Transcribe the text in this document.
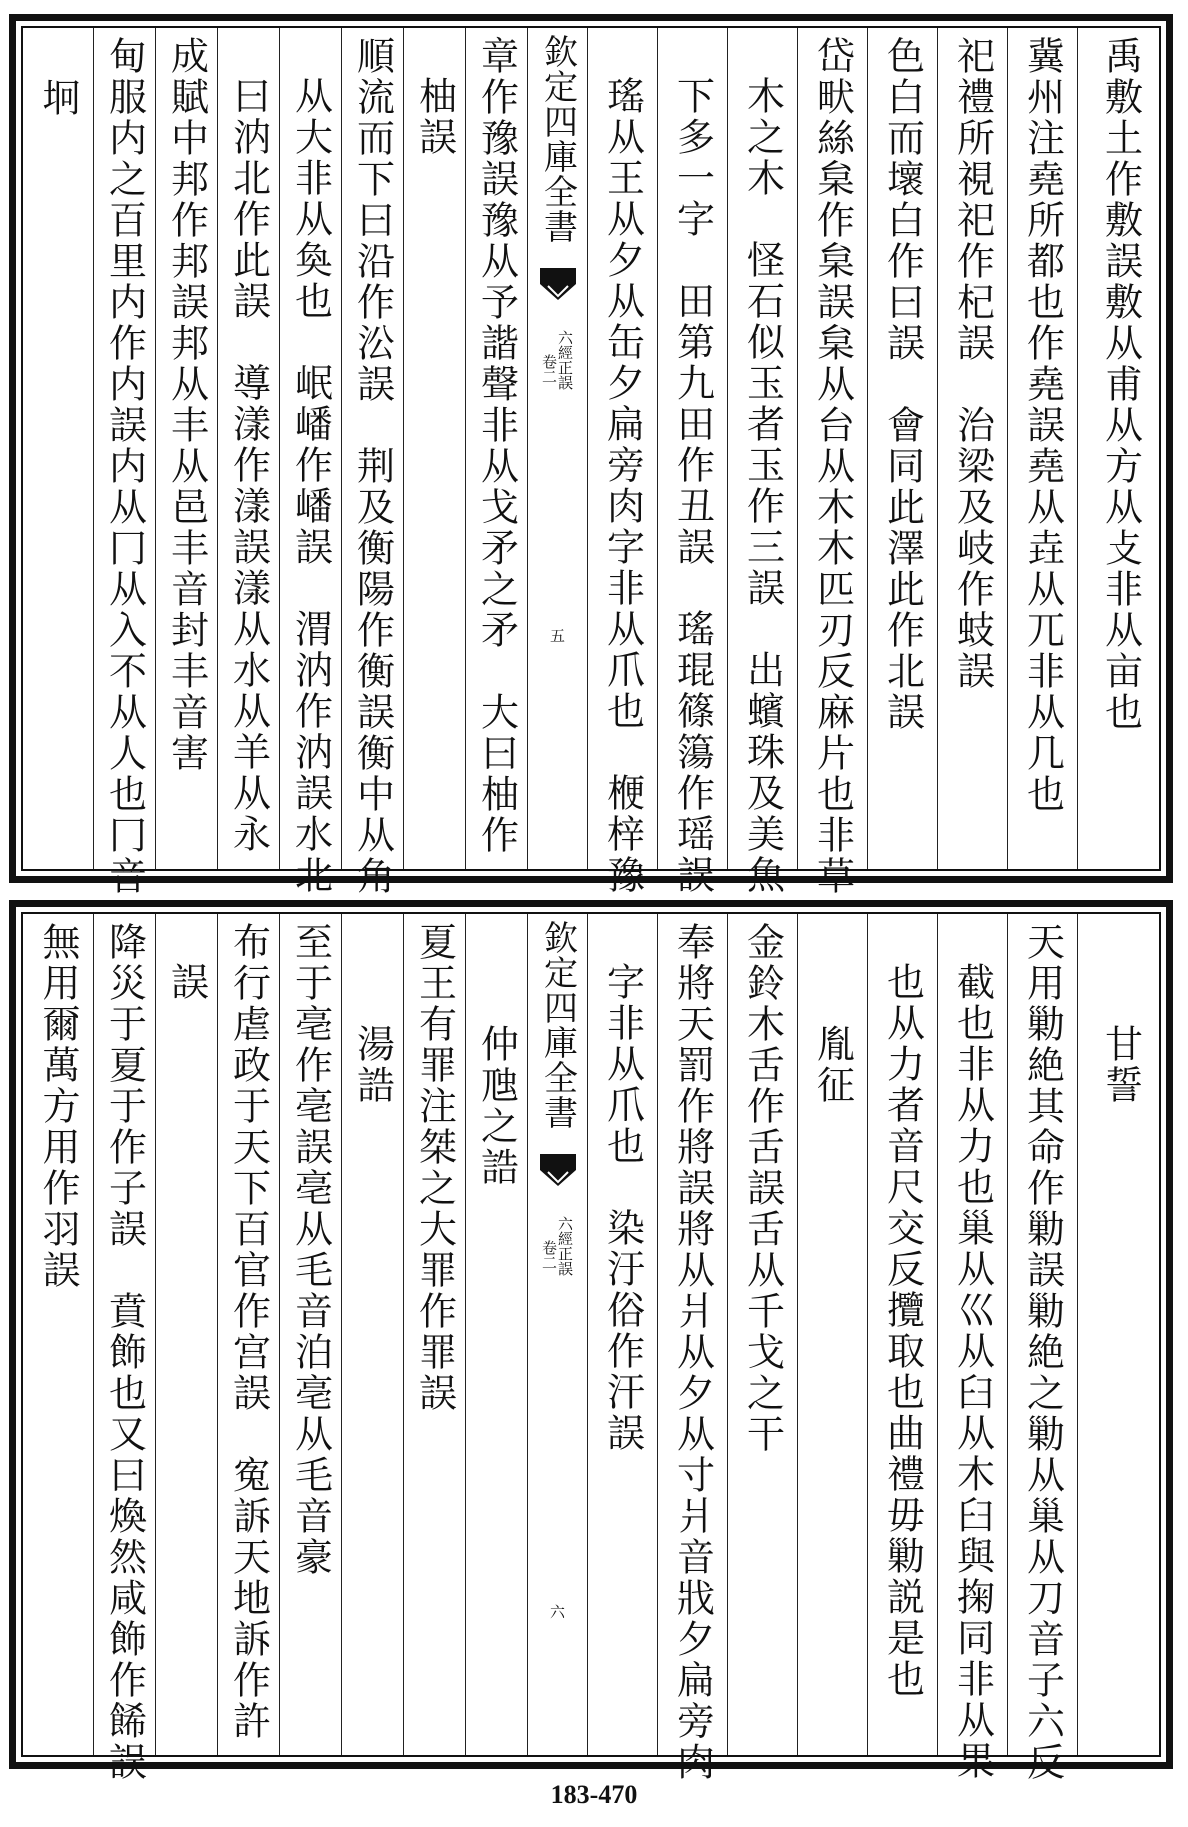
坰 甸服内之百里内作内誤内从冂从入不从人也冂音 成賦中邦作邦誤邦从丰从邑丰音封丰音害 曰汭北作此誤　導漾作漾誤漾从水从羊从永 从大非从奐也　岷嶓作嶓誤　渭汭作汭誤水北 順流而下曰沿作㳂誤　荆及衡陽作衡誤衡中从角 柚誤 章作豫誤豫从予諧聲非从戈矛之矛　大曰柚作 欽定四庫全書
六經正誤
卷二
五 瑤从王从夕从缶夕扁旁肉字非从爪也　楩梓豫 下多一字　田第九田作丑誤　瑤琨篠簜作瑶誤 木之木　怪石似玉者玉作三誤　出蠙珠及美魚 岱畎絲枲作枲誤枲从台从木木匹刃反麻片也非草 色白而壞白作曰誤　會同此澤此作北誤 祀禮所視祀作杞誤　治梁及岐作蚑誤 冀州注堯所都也作堯誤堯从垚从兀非从几也 禹敷土作敷誤敷从甫从方从攴非从亩也
無用爾萬方用作羽誤 降災于夏于作子誤　賁飾也又曰煥然咸飾作餙誤 誤 布行虐政于天下百官作宫誤　寃訴天地訴作許 至于亳作亳誤亳从毛音泊亳从毛音豪 湯誥 夏王有罪注桀之大罪作罪誤 仲虺之誥 欽定四庫全書
六經正誤
卷二
六
字非从爪也　染汙俗作汗誤 奉將天罰作將誤將从爿从夕从寸爿音戕夕扁旁肉 金鈴木舌作舌誤舌从千戈之干 胤征 也从力者音尺交反攬取也曲禮毋勦説是也 截也非从力也巢从巛从臼从木臼與掬同非从果 天用勦絶其命作勦誤勦絶之勦从巢从刀音子六反 甘誓
183-470
